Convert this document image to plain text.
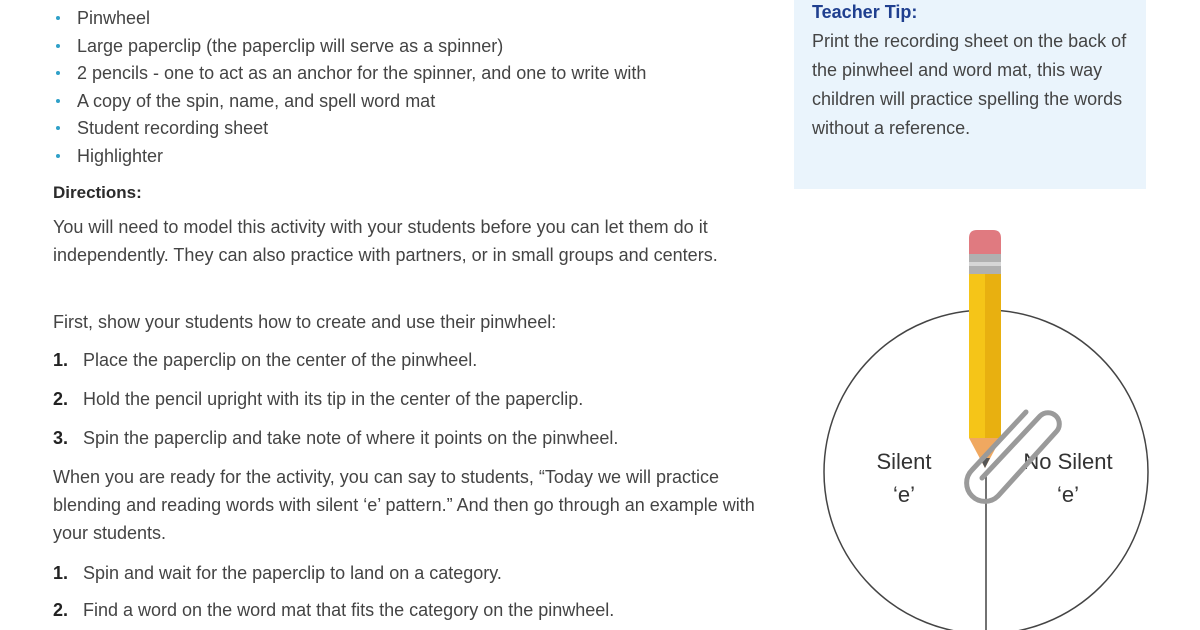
Pinwheel
Large paperclip (the paperclip will serve as a spinner)
2 pencils - one to act as an anchor for the spinner, and one to write with
A copy of the spin, name, and spell word mat
Student recording sheet
Highlighter
Directions:

You will need to model this activity with your students before you can let them do it independently. They can also practice with partners, or in small groups and centers.

First, show your students how to create and use their pinwheel:

1. Place the paperclip on the center of the pinwheel.

2. Hold the pencil upright with its tip in the center of the paperclip.

3. Spin the paperclip and take note of where it points on the pinwheel.

When you are ready for the activity, you can say to students, “Today we will practice blending and reading words with silent ‘e’ pattern.” And then go through an example with your students.

1. Spin and wait for the paperclip to land on a category.

2. Find a word on the word mat that fits the category on the pinwheel.

Teacher Tip:

Print the recording sheet on the back of the pinwheel and word mat, this way children will practice spelling the words without a reference.

Silent
‘e’
No Silent
‘e’
